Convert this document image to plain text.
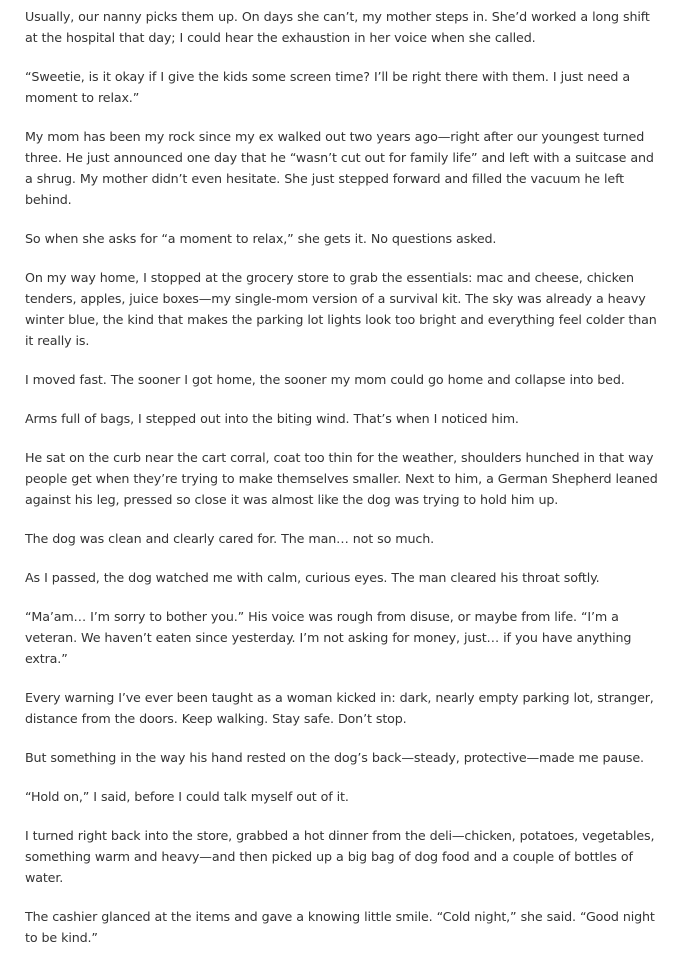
Usually, our nanny picks them up. On days she can’t, my mother steps in. She’d worked a long shift at the hospital that day; I could hear the exhaustion in her voice when she called.

“Sweetie, is it okay if I give the kids some screen time? I’ll be right there with them. I just need a moment to relax.”

My mom has been my rock since my ex walked out two years ago—right after our youngest turned three. He just announced one day that he “wasn’t cut out for family life” and left with a suitcase and a shrug. My mother didn’t even hesitate. She just stepped forward and filled the vacuum he left behind.

So when she asks for “a moment to relax,” she gets it. No questions asked.

On my way home, I stopped at the grocery store to grab the essentials: mac and cheese, chicken tenders, apples, juice boxes—my single-mom version of a survival kit. The sky was already a heavy winter blue, the kind that makes the parking lot lights look too bright and everything feel colder than it really is.

I moved fast. The sooner I got home, the sooner my mom could go home and collapse into bed.

Arms full of bags, I stepped out into the biting wind. That’s when I noticed him.

He sat on the curb near the cart corral, coat too thin for the weather, shoulders hunched in that way people get when they’re trying to make themselves smaller. Next to him, a German Shepherd leaned against his leg, pressed so close it was almost like the dog was trying to hold him up.

The dog was clean and clearly cared for. The man… not so much.

As I passed, the dog watched me with calm, curious eyes. The man cleared his throat softly.

“Ma’am… I’m sorry to bother you.” His voice was rough from disuse, or maybe from life. “I’m a veteran. We haven’t eaten since yesterday. I’m not asking for money, just… if you have anything extra.”

Every warning I’ve ever been taught as a woman kicked in: dark, nearly empty parking lot, stranger, distance from the doors. Keep walking. Stay safe. Don’t stop.

But something in the way his hand rested on the dog’s back—steady, protective—made me pause.

“Hold on,” I said, before I could talk myself out of it.

I turned right back into the store, grabbed a hot dinner from the deli—chicken, potatoes, vegetables, something warm and heavy—and then picked up a big bag of dog food and a couple of bottles of water.

The cashier glanced at the items and gave a knowing little smile. “Cold night,” she said. “Good night to be kind.”
